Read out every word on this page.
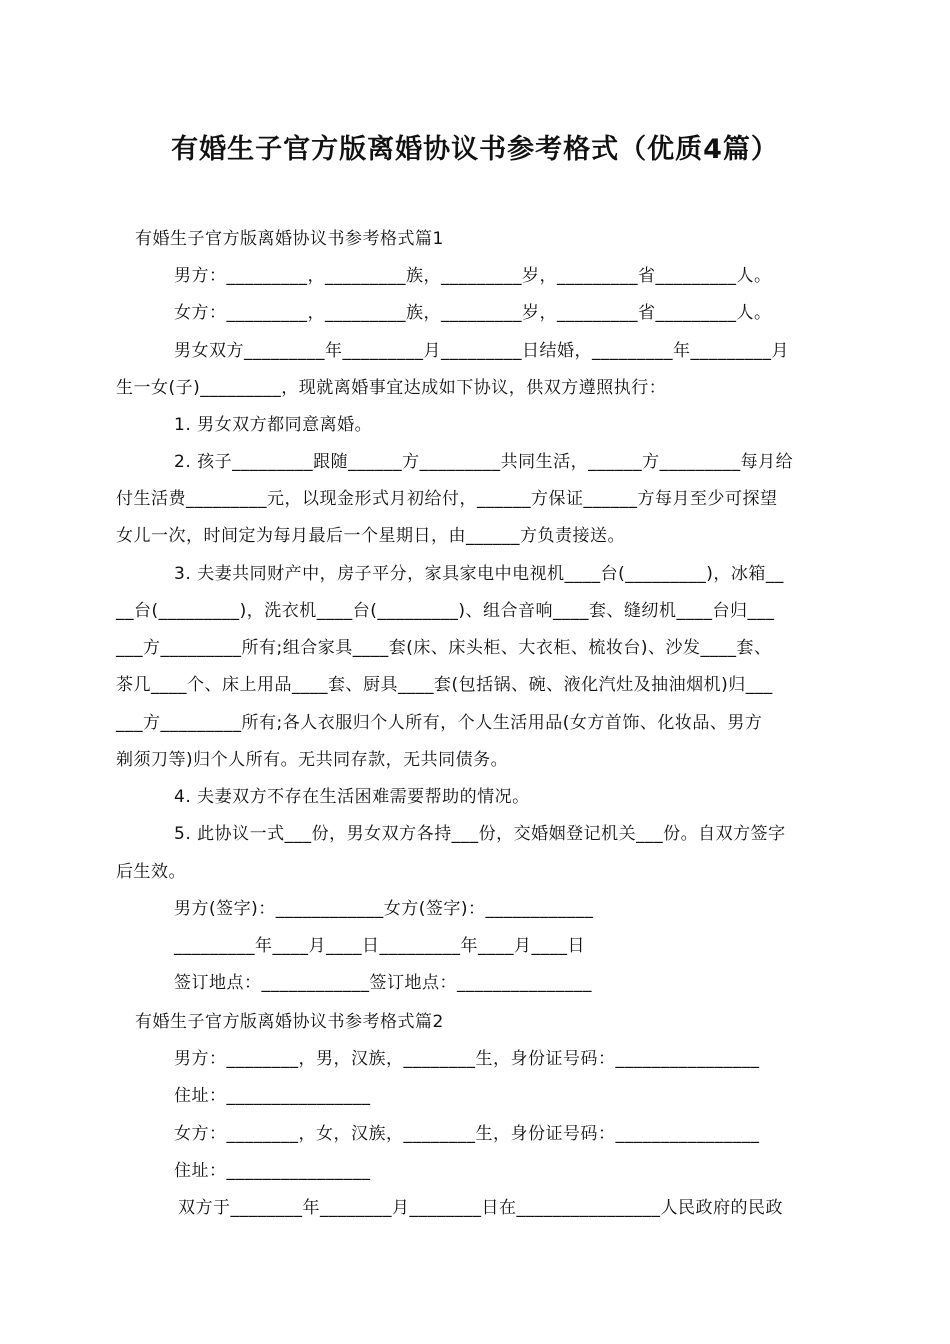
有婚生子官方版离婚协议书参考格式（优质4篇）
有婚生子官方版离婚协议书参考格式篇1
男方：_________，_________族，_________岁，_________省_________人。
女方：_________，_________族，_________岁，_________省_________人。
男女双方_________年_________月_________日结婚，_________年_________月
生一女(子)_________，现就离婚事宜达成如下协议，供双方遵照执行：
1. 男女双方都同意离婚。
2. 孩子_________跟随______方_________共同生活，______方_________每月给
付生活费_________元，以现金形式月初给付，______方保证______方每月至少可探望
女儿一次，时间定为每月最后一个星期日，由______方负责接送。
3. 夫妻共同财产中，房子平分，家具家电中电视机____台(_________)，冰箱__
__台(_________)，洗衣机____台(_________)、组合音响____套、缝纫机____台归___
___方_________所有;组合家具____套(床、床头柜、大衣柜、梳妆台)、沙发____套、
茶几____个、床上用品____套、厨具____套(包括锅、碗、液化汽灶及抽油烟机)归___
___方_________所有;各人衣服归个人所有，个人生活用品(女方首饰、化妆品、男方
剃须刀等)归个人所有。无共同存款，无共同债务。
4. 夫妻双方不存在生活困难需要帮助的情况。
5. 此协议一式___份，男女双方各持___份，交婚姻登记机关___份。自双方签字
后生效。
男方(签字)：____________女方(签字)：____________
_________年____月____日_________年____月____日
签订地点：____________签订地点：_______________
有婚生子官方版离婚协议书参考格式篇2
男方：________，男，汉族，________生，身份证号码：________________
住址：________________
女方：________，女，汉族，________生，身份证号码：________________
住址：________________
双方于________年________月________日在________________人民政府的民政
